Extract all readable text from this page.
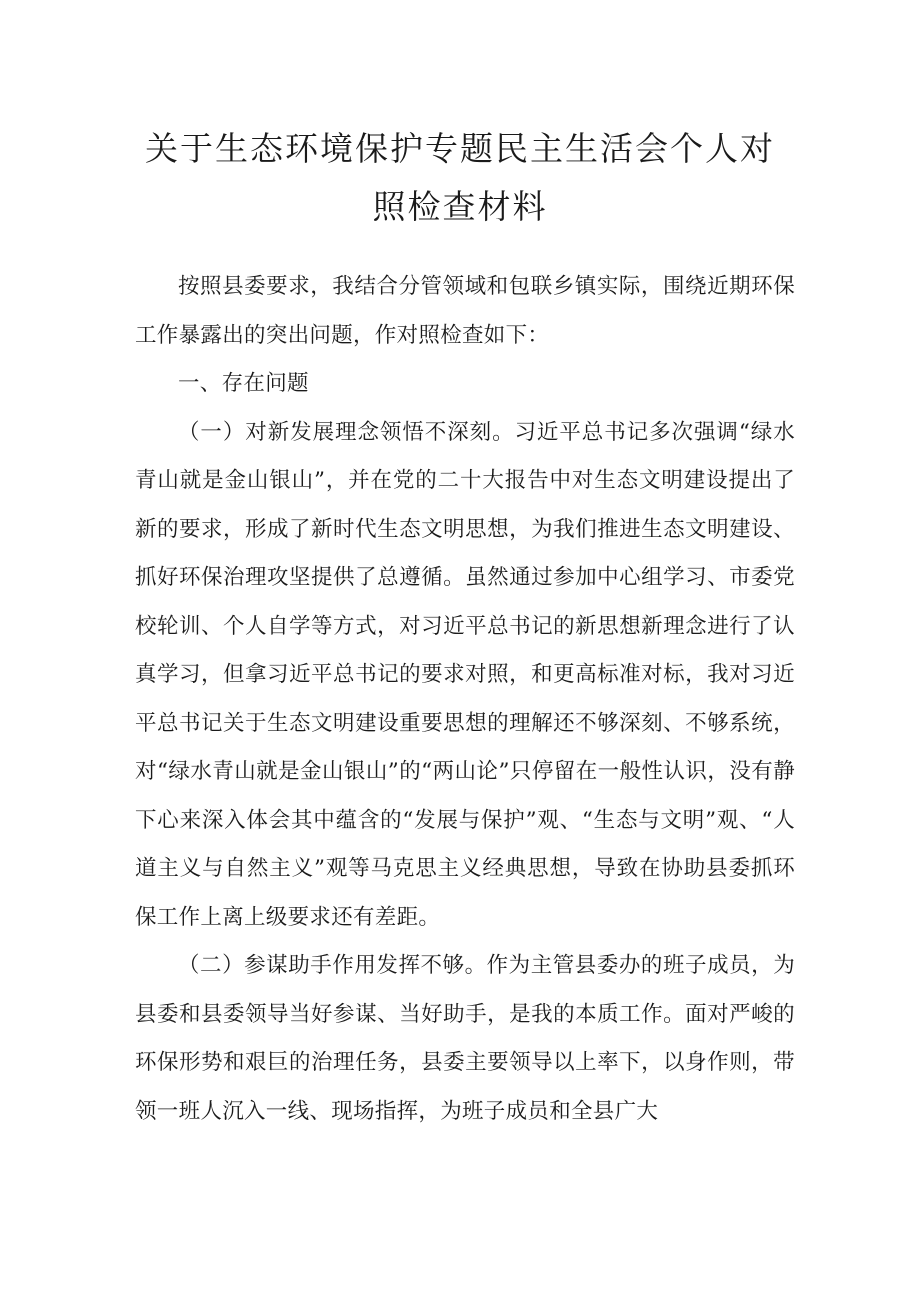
关于生态环境保护专题民主生活会个人对
照检查材料

按照县委要求，我结合分管领域和包联乡镇实际，围绕近期环保工作暴露出的突出问题，作对照检查如下：

一、存在问题

（一）对新发展理念领悟不深刻。习近平总书记多次强调“绿水青山就是金山银山”，并在党的二十大报告中对生态文明建设提出了新的要求，形成了新时代生态文明思想，为我们推进生态文明建设、抓好环保治理攻坚提供了总遵循。虽然通过参加中心组学习、市委党校轮训、个人自学等方式，对习近平总书记的新思想新理念进行了认真学习，但拿习近平总书记的要求对照，和更高标准对标，我对习近平总书记关于生态文明建设重要思想的理解还不够深刻、不够系统，对“绿水青山就是金山银山”的“两山论”只停留在一般性认识，没有静下心来深入体会其中蕴含的“发展与保护”观、“生态与文明”观、“人道主义与自然主义”观等马克思主义经典思想，导致在协助县委抓环保工作上离上级要求还有差距。

（二）参谋助手作用发挥不够。作为主管县委办的班子成员，为县委和县委领导当好参谋、当好助手，是我的本质工作。面对严峻的环保形势和艰巨的治理任务，县委主要领导以上率下，以身作则，带领一班人沉入一线、现场指挥，为班子成员和全县广大
